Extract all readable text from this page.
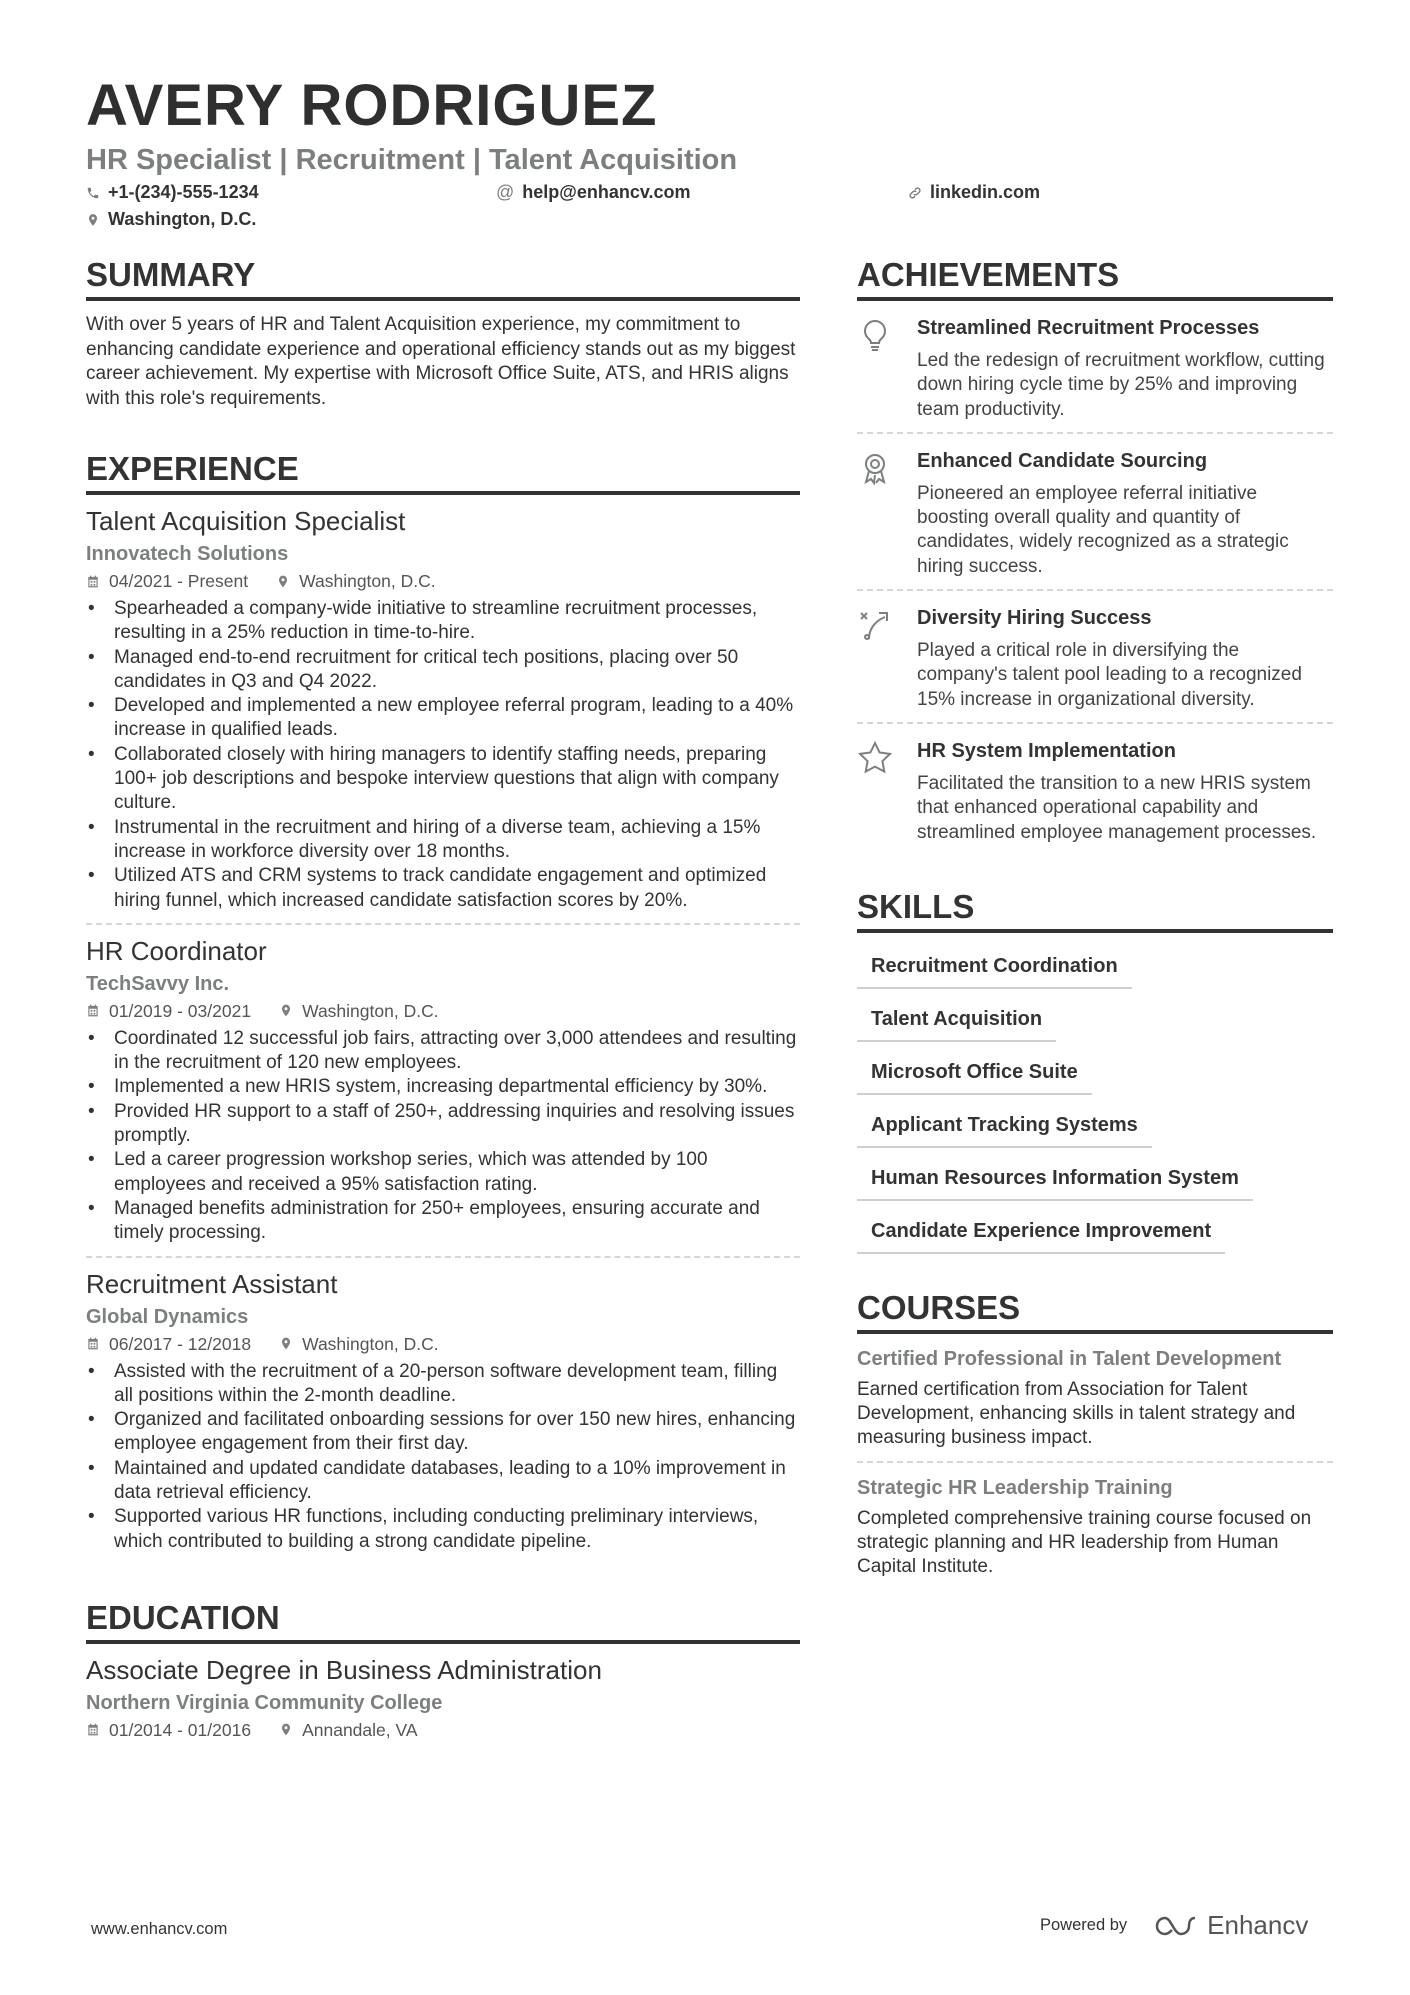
AVERY RODRIGUEZ
HR Specialist | Recruitment | Talent Acquisition
+1-(234)-555-1234	@ help@enhancv.com	linkedin.com
Washington, D.C.
SUMMARY
With over 5 years of HR and Talent Acquisition experience, my commitment to enhancing candidate experience and operational efficiency stands out as my biggest career achievement. My expertise with Microsoft Office Suite, ATS, and HRIS aligns with this role's requirements.
EXPERIENCE
Talent Acquisition Specialist
Innovatech Solutions
04/2021 - Present	Washington, D.C.
• Spearheaded a company-wide initiative to streamline recruitment processes, resulting in a 25% reduction in time-to-hire.
• Managed end-to-end recruitment for critical tech positions, placing over 50 candidates in Q3 and Q4 2022.
• Developed and implemented a new employee referral program, leading to a 40% increase in qualified leads.
• Collaborated closely with hiring managers to identify staffing needs, preparing 100+ job descriptions and bespoke interview questions that align with company culture.
• Instrumental in the recruitment and hiring of a diverse team, achieving a 15% increase in workforce diversity over 18 months.
• Utilized ATS and CRM systems to track candidate engagement and optimized hiring funnel, which increased candidate satisfaction scores by 20%.
HR Coordinator
TechSavvy Inc.
01/2019 - 03/2021	Washington, D.C.
• Coordinated 12 successful job fairs, attracting over 3,000 attendees and resulting in the recruitment of 120 new employees.
• Implemented a new HRIS system, increasing departmental efficiency by 30%.
• Provided HR support to a staff of 250+, addressing inquiries and resolving issues promptly.
• Led a career progression workshop series, which was attended by 100 employees and received a 95% satisfaction rating.
• Managed benefits administration for 250+ employees, ensuring accurate and timely processing.
Recruitment Assistant
Global Dynamics
06/2017 - 12/2018	Washington, D.C.
• Assisted with the recruitment of a 20-person software development team, filling all positions within the 2-month deadline.
• Organized and facilitated onboarding sessions for over 150 new hires, enhancing employee engagement from their first day.
• Maintained and updated candidate databases, leading to a 10% improvement in data retrieval efficiency.
• Supported various HR functions, including conducting preliminary interviews, which contributed to building a strong candidate pipeline.
EDUCATION
Associate Degree in Business Administration
Northern Virginia Community College
01/2014 - 01/2016	Annandale, VA
ACHIEVEMENTS
Streamlined Recruitment Processes
Led the redesign of recruitment workflow, cutting down hiring cycle time by 25% and improving team productivity.
Enhanced Candidate Sourcing
Pioneered an employee referral initiative boosting overall quality and quantity of candidates, widely recognized as a strategic hiring success.
Diversity Hiring Success
Played a critical role in diversifying the company's talent pool leading to a recognized 15% increase in organizational diversity.
HR System Implementation
Facilitated the transition to a new HRIS system that enhanced operational capability and streamlined employee management processes.
SKILLS
Recruitment Coordination
Talent Acquisition
Microsoft Office Suite
Applicant Tracking Systems
Human Resources Information System
Candidate Experience Improvement
COURSES
Certified Professional in Talent Development
Earned certification from Association for Talent Development, enhancing skills in talent strategy and measuring business impact.
Strategic HR Leadership Training
Completed comprehensive training course focused on strategic planning and HR leadership from Human Capital Institute.
www.enhancv.com	Powered by	Enhancv
